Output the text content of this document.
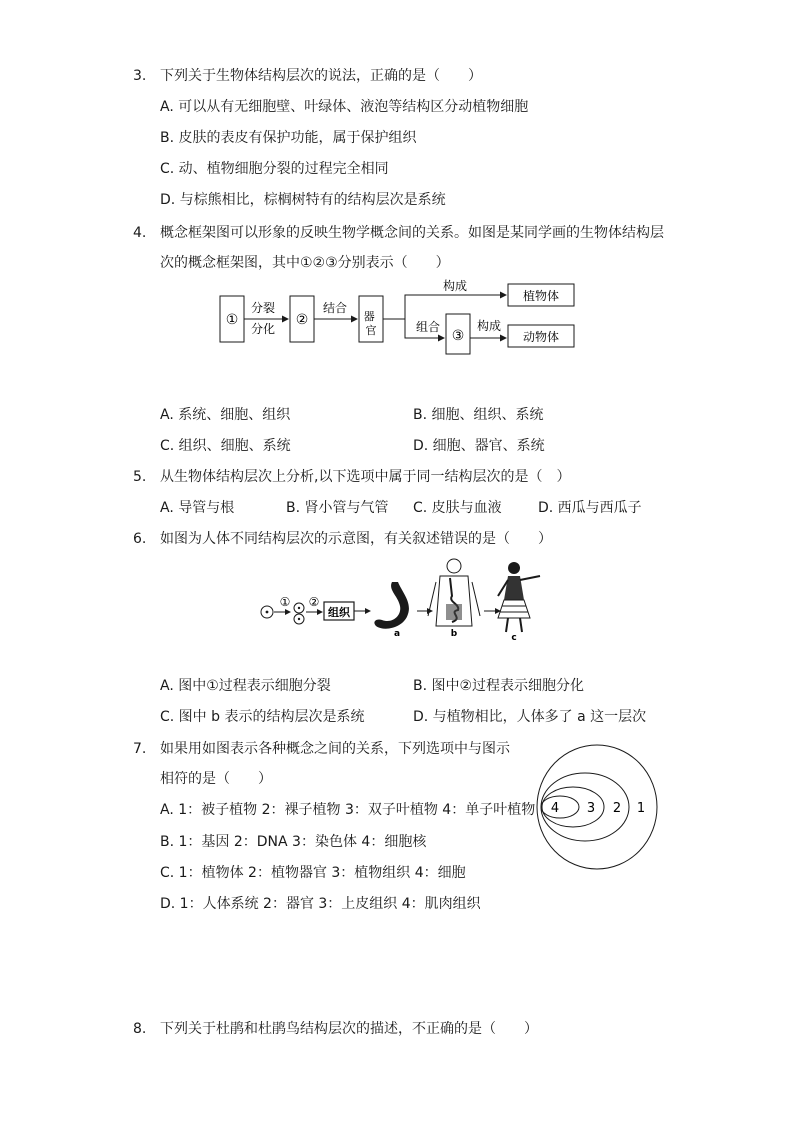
3. 下列关于生物体结构层次的说法，正确的是（　　）
A. 可以从有无细胞壁、叶绿体、液泡等结构区分动植物细胞
B. 皮肤的表皮有保护功能，属于保护组织
C. 动、植物细胞分裂的过程完全相同
D. 与棕熊相比，棕榈树特有的结构层次是系统
4. 概念框架图可以形象的反映生物学概念间的关系。如图是某同学画的生物体结构层
次的概念框架图，其中①②③分别表示（　　）
①
分裂
分化
②
结合
器 官
构成
植物体
组合
③
构成
动物体
A. 系统、细胞、组织	B. 细胞、组织、系统
C. 组织、细胞、系统	D. 细胞、器官、系统
5. 从生物体结构层次上分析,以下选项中属于同一结构层次的是（　）
A. 导管与根	B. 肾小管与气管 C. 皮肤与血液	D. 西瓜与西瓜子
6. 如图为人体不同结构层次的示意图，有关叙述错误的是（　　）
① ②
组织
a	b	c
A. 图中①过程表示细胞分裂	B. 图中②过程表示细胞分化
C. 图中 b 表示的结构层次是系统	D. 与植物相比，人体多了 a 这一层次
7. 如果用如图表示各种概念之间的关系，下列选项中与图示
相符的是（　　）
4 3 2 1
A. 1：被子植物 2：裸子植物 3：双子叶植物 4：单子叶植物
B. 1：基因 2：DNA 3：染色体 4：细胞核
C. 1：植物体 2：植物器官 3：植物组织 4：细胞
D. 1：人体系统 2：器官 3：上皮组织 4：肌肉组织
8. 下列关于杜鹃和杜鹃鸟结构层次的描述，不正确的是（　　）
